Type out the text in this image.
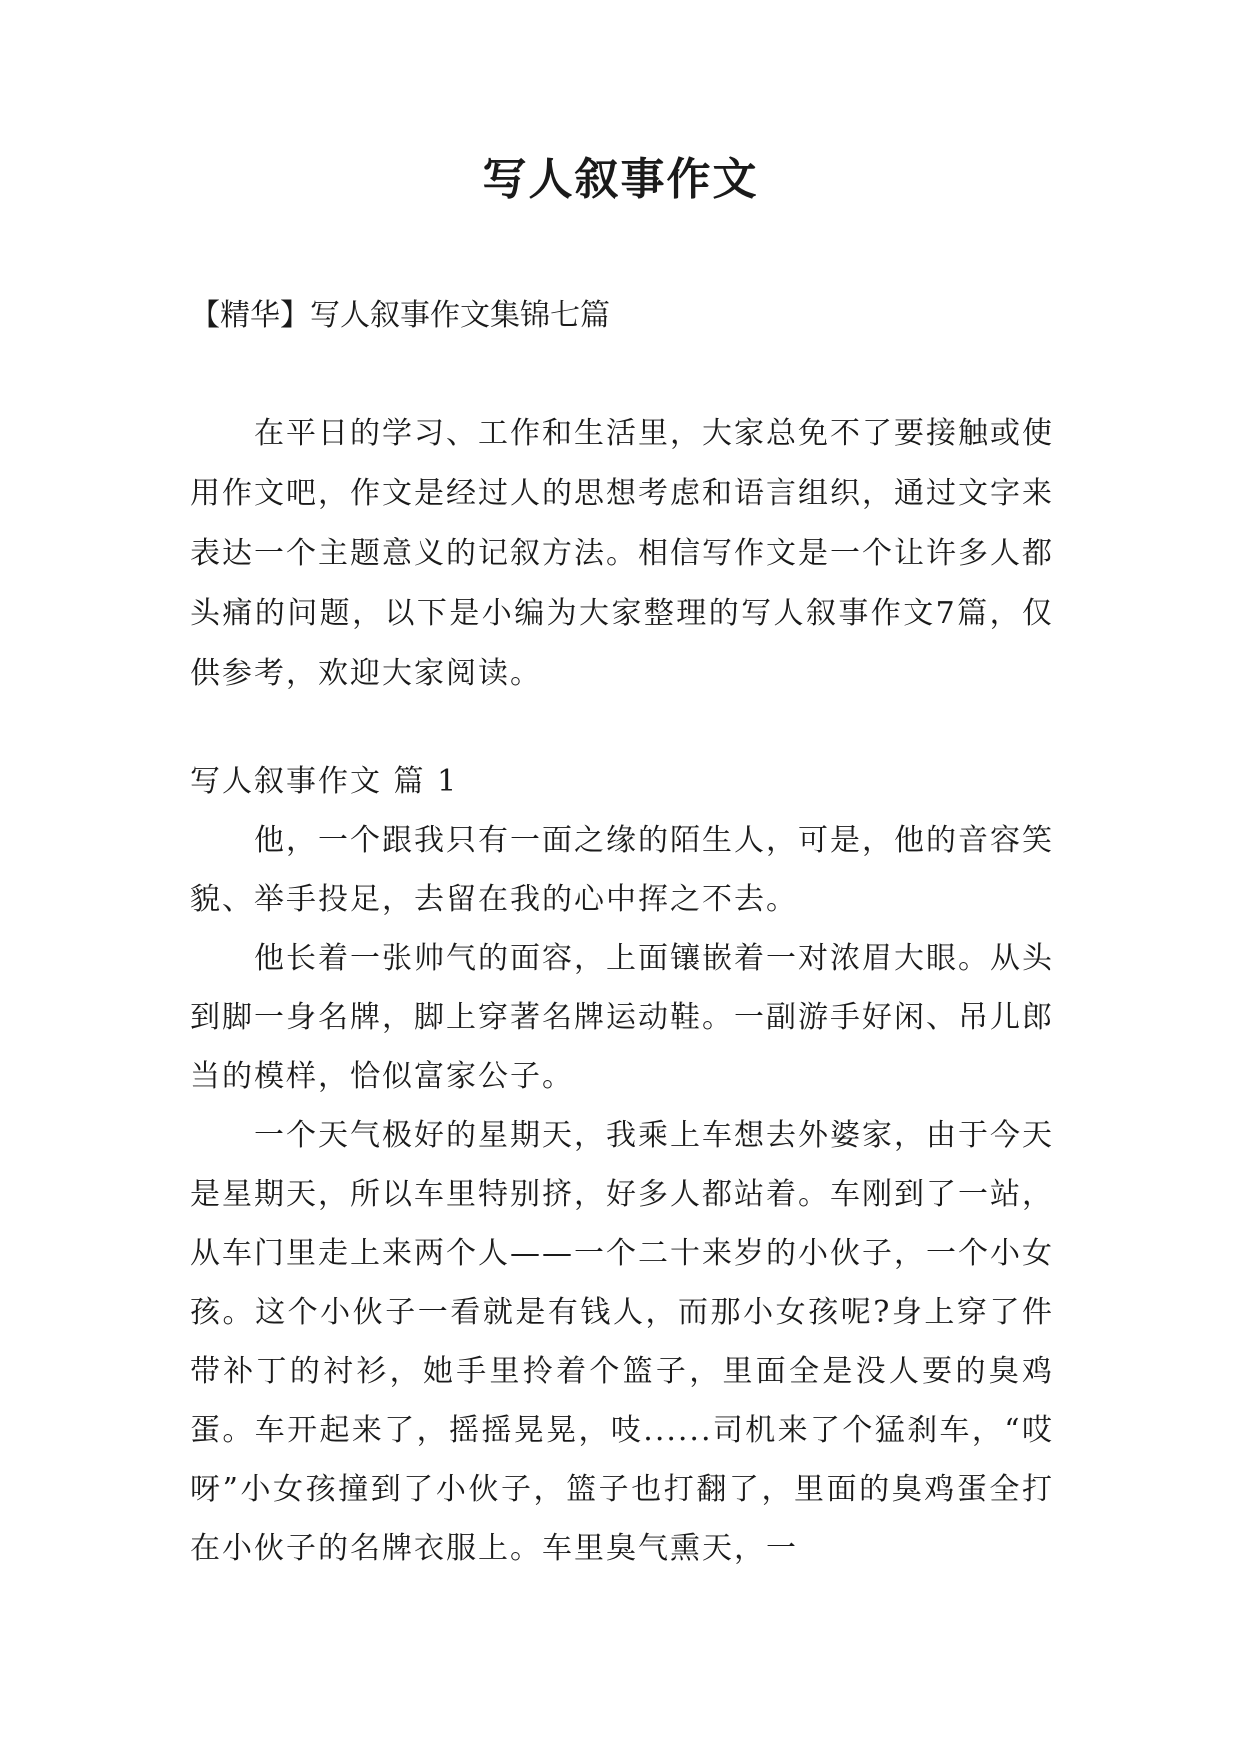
写人叙事作文

【精华】写人叙事作文集锦七篇

在平日的学习、工作和生活里，大家总免不了要接触或使用作文吧，作文是经过人的思想考虑和语言组织，通过文字来表达一个主题意义的记叙方法。相信写作文是一个让许多人都头痛的问题，以下是小编为大家整理的写人叙事作文7篇，仅供参考，欢迎大家阅读。

写人叙事作文 篇 1

他，一个跟我只有一面之缘的陌生人，可是，他的音容笑貌、举手投足，去留在我的心中挥之不去。

他长着一张帅气的面容，上面镶嵌着一对浓眉大眼。从头到脚一身名牌，脚上穿著名牌运动鞋。一副游手好闲、吊儿郎当的模样，恰似富家公子。

一个天气极好的星期天，我乘上车想去外婆家，由于今天是星期天，所以车里特别挤，好多人都站着。车刚到了一站，从车门里走上来两个人——一个二十来岁的小伙子，一个小女孩。这个小伙子一看就是有钱人，而那小女孩呢?身上穿了件带补丁的衬衫，她手里拎着个篮子，里面全是没人要的臭鸡蛋。车开起来了，摇摇晃晃，吱......司机来了个猛刹车，“哎呀”小女孩撞到了小伙子，篮子也打翻了，里面的臭鸡蛋全打在小伙子的名牌衣服上。车里臭气熏天，一
